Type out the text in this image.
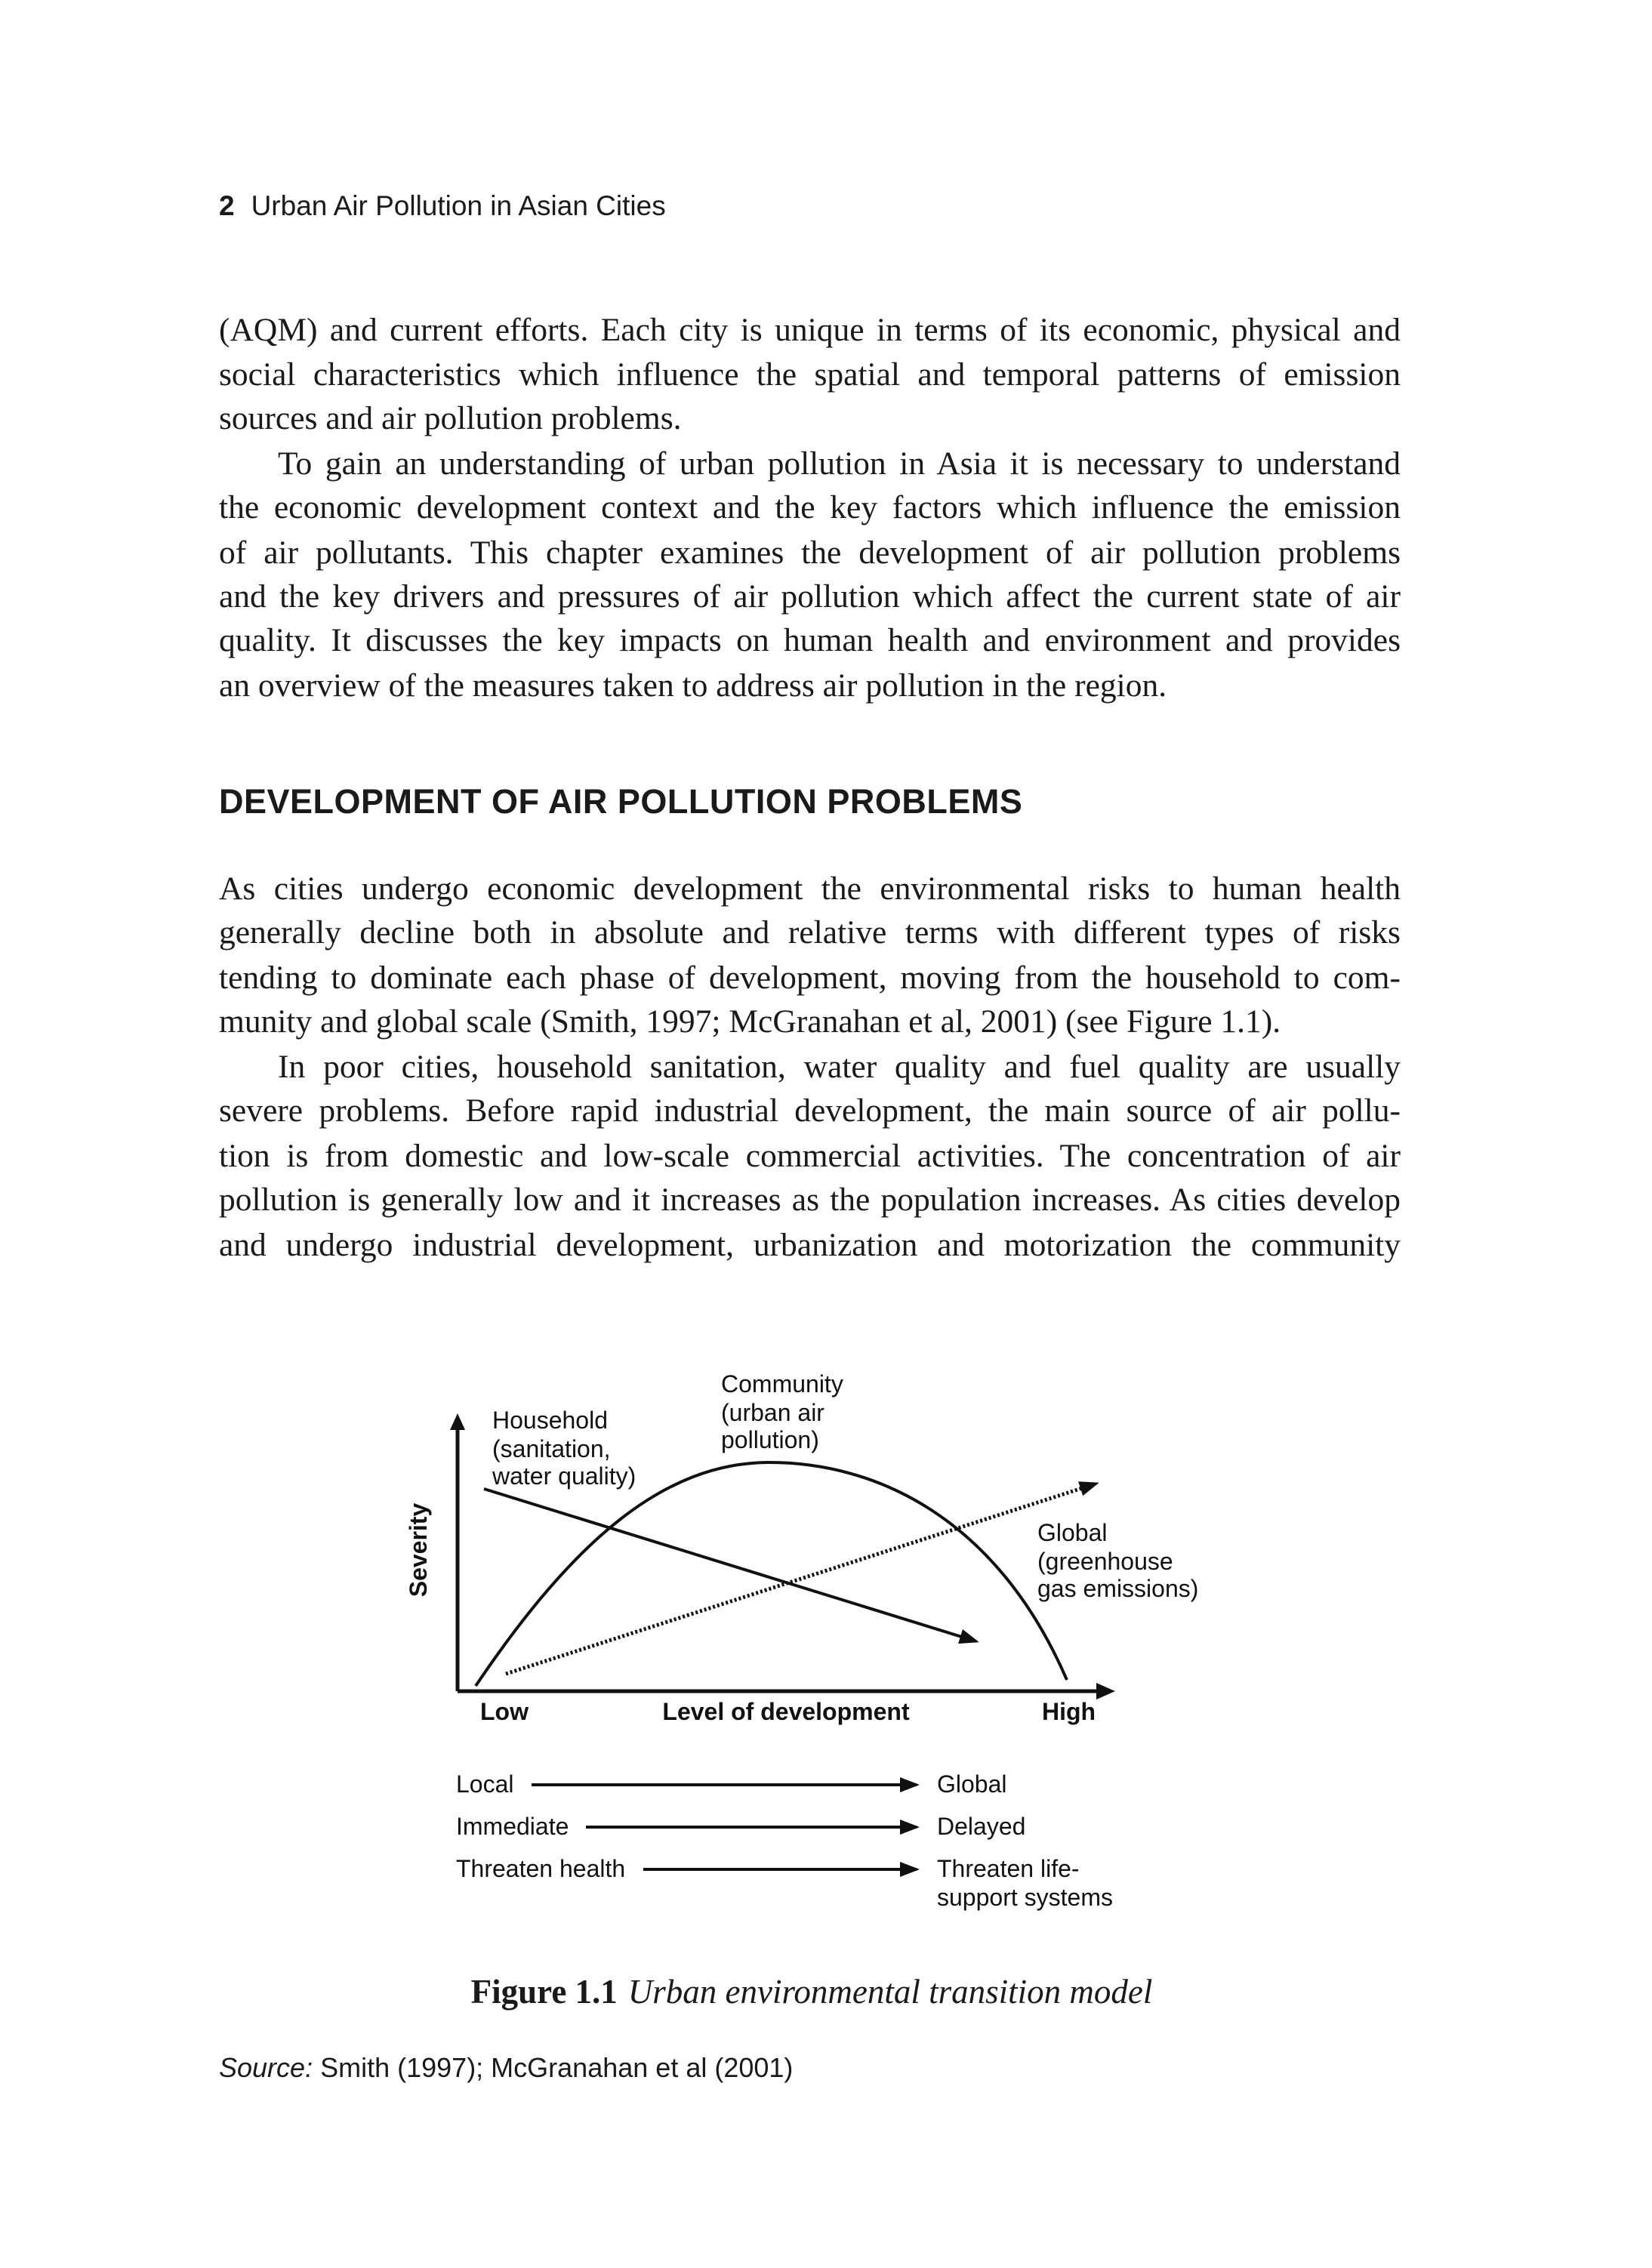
2 Urban Air Pollution in Asian Cities
(AQM) and current efforts. Each city is unique in terms of its economic, physical and
social characteristics which influence the spatial and temporal patterns of emission
sources and air pollution problems.
To gain an understanding of urban pollution in Asia it is necessary to understand
the economic development context and the key factors which influence the emission
of air pollutants. This chapter examines the development of air pollution problems
and the key drivers and pressures of air pollution which affect the current state of air
quality. It discusses the key impacts on human health and environment and provides
an overview of the measures taken to address air pollution in the region.
DEVELOPMENT OF AIR POLLUTION PROBLEMS
As cities undergo economic development the environmental risks to human health
generally decline both in absolute and relative terms with different types of risks
tending to dominate each phase of development, moving from the household to com-
munity and global scale (Smith, 1997; McGranahan et al, 2001) (see Figure 1.1).
In poor cities, household sanitation, water quality and fuel quality are usually
severe problems. Before rapid industrial development, the main source of air pollu-
tion is from domestic and low-scale commercial activities. The concentration of air
pollution is generally low and it increases as the population increases. As cities develop
and undergo industrial development, urbanization and motorization the community
Severity
Low	Level of development	High
Household
(sanitation,
water quality)
Community
(urban air
pollution)
Global
(greenhouse
gas emissions)
Local	Global
Immediate	Delayed
Threaten health	Threaten life-
support systems
Figure 1.1 Urban environmental transition model
Source: Smith (1997); McGranahan et al (2001)
